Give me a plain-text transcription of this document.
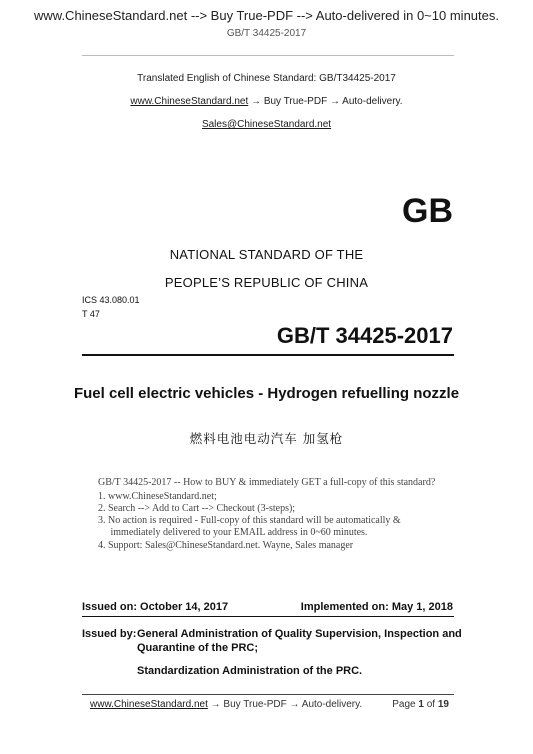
www.ChineseStandard.net --> Buy True-PDF --> Auto-delivered in 0~10 minutes.
GB/T 34425-2017
Translated English of Chinese Standard: GB/T34425-2017
www.ChineseStandard.net → Buy True-PDF → Auto-delivery.
Sales@ChineseStandard.net
GB
NATIONAL STANDARD OF THE
PEOPLE’S REPUBLIC OF CHINA
ICS 43.080.01
T 47
GB/T 34425-2017
Fuel cell electric vehicles - Hydrogen refuelling nozzle
燃料电池电动汽车 加氢枪
GB/T 34425-2017 -- How to BUY & immediately GET a full-copy of this standard?
1. www.ChineseStandard.net;
2. Search --> Add to Cart --> Checkout (3-steps);
3. No action is required - Full-copy of this standard will be automatically &
immediately delivered to your EMAIL address in 0~60 minutes.
4. Support: Sales@ChineseStandard.net. Wayne, Sales manager
Issued on: October 14, 2017	Implemented on: May 1, 2018
Issued by: General Administration of Quality Supervision, Inspection and
Quarantine of the PRC;
Standardization Administration of the PRC.
www.ChineseStandard.net → Buy True-PDF → Auto-delivery.	Page 1 of 19
